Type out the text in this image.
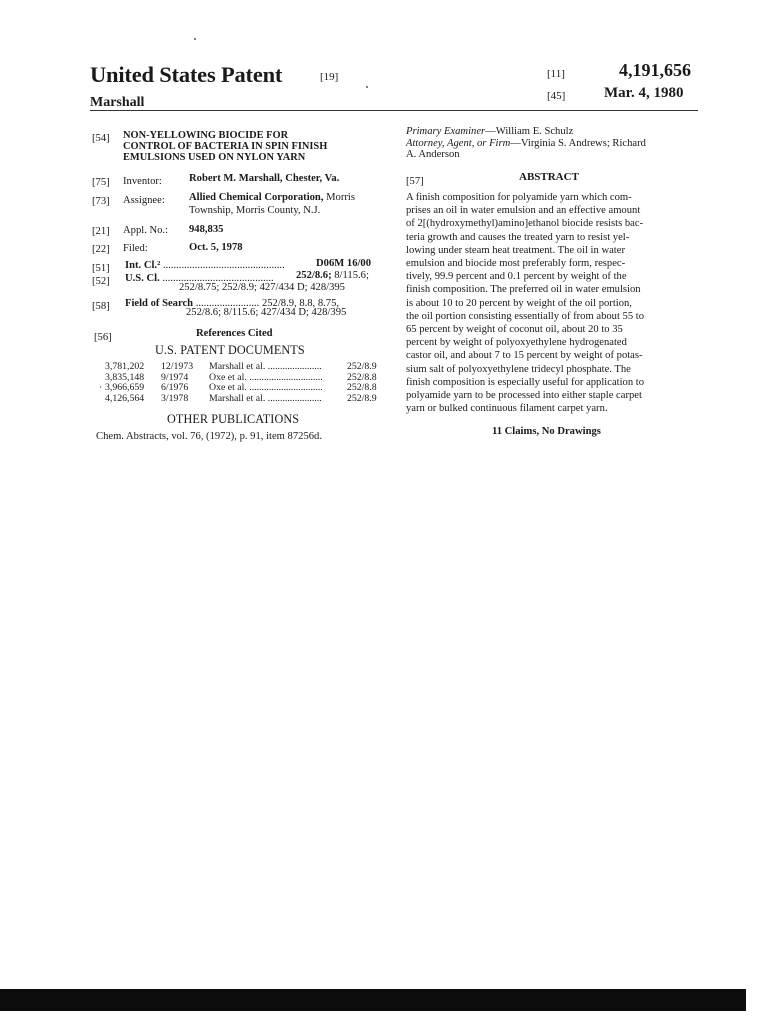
United States Patent	[19]
Marshall
[11]	4,191,656
[45]	Mar. 4, 1980
[54] NON-YELLOWING BIOCIDE FOR
CONTROL OF BACTERIA IN SPIN FINISH
EMULSIONS USED ON NYLON YARN
[75] Inventor:	Robert M. Marshall, Chester, Va.
[73] Assignee: Allied Chemical Corporation, Morris
Township, Morris County, N.J.
[21] Appl. No.: 948,835
[22] Filed:	Oct. 5, 1978
[51] Int. Cl.² ..............................................	D06M 16/00
[52] U.S. Cl. .......................................... 252/8.6; 8/115.6;
252/8.75; 252/8.9; 427/434 D; 428/395
[58] Field of Search ........................ 252/8.9, 8.8, 8.75,
252/8.6; 8/115.6; 427/434 D; 428/395
[56]	References Cited
U.S. PATENT DOCUMENTS
3,781,202	12/1973	Marshall et al. ......................	252/8.9
3,835,148	9/1974	Oxe et al. ..............................	252/8.8

· 3,966,659	6/1976	Oxe et al. ..............................	252/8.8
4,126,564	3/1978	Marshall et al. ......................	252/8.9
OTHER PUBLICATIONS
Chem. Abstracts, vol. 76, (1972), p. 91, item 87256d.
Primary Examiner—William E. Schulz
Attorney, Agent, or Firm—Virginia S. Andrews; Richard
A. Anderson
[57]	ABSTRACT
A finish composition for polyamide yarn which com-
prises an oil in water emulsion and an effective amount
of 2[(hydroxymethyl)amino]ethanol biocide resists bac-
teria growth and causes the treated yarn to resist yel-
lowing under steam heat treatment. The oil in water
emulsion and biocide most preferably form, respec-
tively, 99.9 percent and 0.1 percent by weight of the
finish composition. The preferred oil in water emulsion
is about 10 to 20 percent by weight of the oil portion,
the oil portion consisting essentially of from about 55 to
65 percent by weight of coconut oil, about 20 to 35
percent by weight of polyoxyethylene hydrogenated
castor oil, and about 7 to 15 percent by weight of potas-
sium salt of polyoxyethylene tridecyl phosphate. The
finish composition is especially useful for application to
polyamide yarn to be processed into either staple carpet
yarn or bulked continuous filament carpet yarn.
11 Claims, No Drawings
